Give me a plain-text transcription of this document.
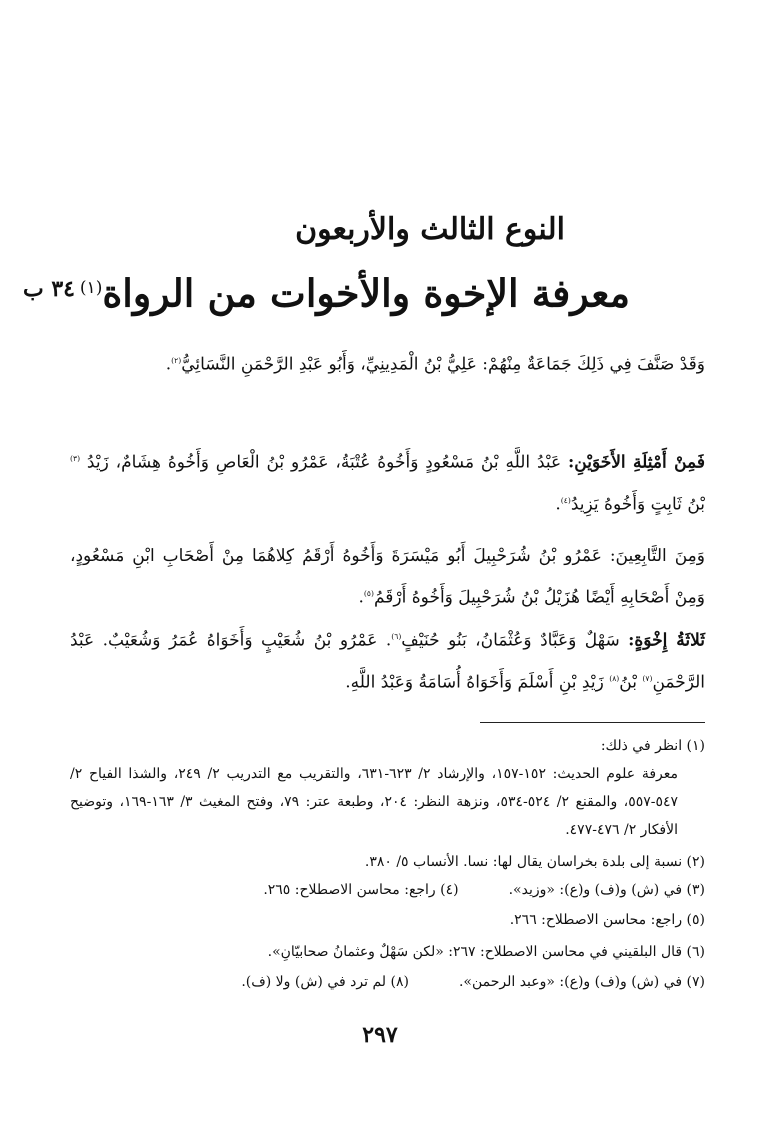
٣٤ ب
النوع الثالث والأربعون
معرفة الإخوة والأخوات من الرواة$^{(١)}$
وَقَدْ صَنَّفَ فِي ذَلِكَ جَمَاعَةٌ مِنْهُمْ: عَلِيُّ بْنُ الْمَدِينِيِّ، وَأَبُو عَبْدِ الرَّحْمَنِ النَّسَائِيُّ$^{(٢)}$.
فَمِنْ أَمْثِلَةِ الأَخَوَيْنِ: عَبْدُ اللَّهِ بْنُ مَسْعُودٍ وَأَخُوهُ عُتْبَةُ، عَمْرُو بْنُ الْعَاصِ وَأَخُوهُ هِشَامٌ، زَيْدُ $^{(٣)}$ بْنُ ثَابِتٍ وَأَخُوهُ يَزِيدُ$^{(٤)}$.
وَمِنَ التَّابِعِينَ: عَمْرُو بْنُ شُرَحْبِيلَ أَبُو مَيْسَرَةَ وَأَخُوهُ أَرْقَمُ كِلاهُمَا مِنْ أَصْحَابِ ابْنِ مَسْعُودٍ، وَمِنْ أَصْحَابِهِ أَيْضًا هُزَيْلُ بْنُ شُرَحْبِيلَ وَأَخُوهُ أَرْقَمُ$^{(٥)}$.
ثَلاثَةُ إِخْوَةٍ: سَهْلٌ وَعَبَّادٌ وَعُثْمَانُ، بَنُو حُنَيْفٍ$^{(٦)}$. عَمْرُو بْنُ شُعَيْبٍ وَأَخَوَاهُ عُمَرُ وَشُعَيْبٌ. عَبْدُ الرَّحْمَنِ$^{(٧)}$ بْنُ$^{(٨)}$ زَيْدِ بْنِ أَسْلَمَ وَأَخَوَاهُ أُسَامَةُ وَعَبْدُ اللَّهِ.
(١) انظر في ذلك:
معرفة علوم الحديث: ١٥٢-١٥٧، والإرشاد ٢/ ٦٢٣-٦٣١، والتقريب مع التدريب ٢/ ٢٤٩، والشذا الفياح ٢/ ٥٤٧-٥٥٧، والمقنع ٢/ ٥٢٤-٥٣٤، ونزهة النظر: ٢٠٤، وطبعة عتر: ٧٩، وفتح المغيث ٣/ ١٦٣-١٦٩، وتوضيح الأفكار ٢/ ٤٧٦-٤٧٧.
(٢) نسبة إلى بلدة بخراسان يقال لها: نسا. الأنساب ٥/ ٣٨٠.
(٣) في (ش) و(ف) و(ع): «وزيد».
(٤) راجع: محاسن الاصطلاح: ٢٦٥.
(٥) راجع: محاسن الاصطلاح: ٢٦٦.
(٦) قال البلقيني في محاسن الاصطلاح: ٢٦٧: «لكن سَهْلٌ وعثمانُ صحابيّانِ».
(٧) في (ش) و(ف) و(ع): «وعبد الرحمن».
(٨) لم ترد في (ش) ولا (ف).
٢٩٧
